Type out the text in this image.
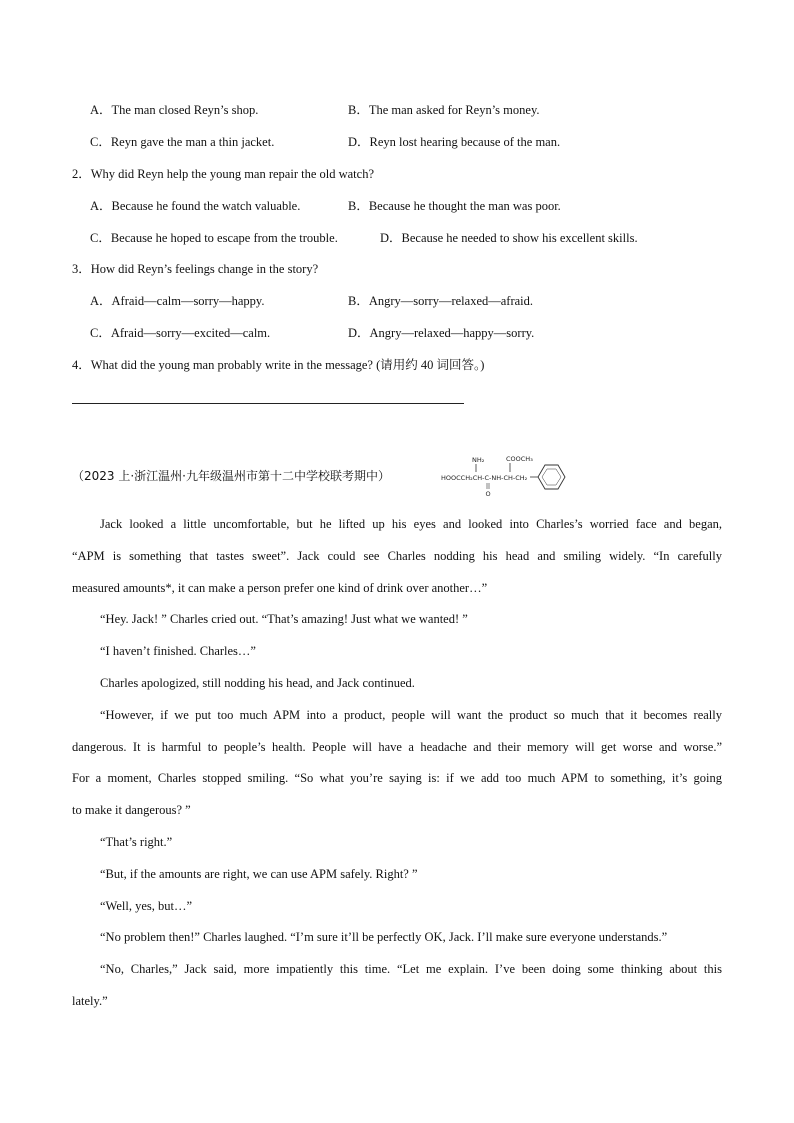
A．The man closed Reyn’s shop.	B．The man asked for Reyn’s money.
C．Reyn gave the man a thin jacket.	D．Reyn lost hearing because of the man.
2．Why did Reyn help the young man repair the old watch?
A．Because he found the watch valuable.	B．Because he thought the man was poor.
C．Because he hoped to escape from the trouble.	D．Because he needed to show his excellent skills.
3．How did Reyn’s feelings change in the story?
A．Afraid—calm—sorry—happy.	B．Angry—sorry—relaxed—afraid.
C．Afraid—sorry—excited—calm.	D．Angry—relaxed—happy—sorry.
4．What did the young man probably write in the message? (请用约 40 词回答。)
（2023 上·浙江温州·九年级温州市第十二中学校联考期中）
NH₂	COOCH₃
HOOCCH₂CH-C-NH-CH-CH₂
O
Jack looked a little uncomfortable, but he lifted up his eyes and looked into Charles’s worried face and began,
“APM is something that tastes sweet”. Jack could see Charles nodding his head and smiling widely. “In carefully
measured amounts*, it can make a person prefer one kind of drink over another…”
“Hey. Jack! ” Charles cried out. “That’s amazing! Just what we wanted! ”
“I haven’t finished. Charles…”
Charles apologized, still nodding his head, and Jack continued.
“However, if we put too much APM into a product, people will want the product so much that it becomes really
dangerous. It is harmful to people’s health. People will have a headache and their memory will get worse and worse.”
For a moment, Charles stopped smiling. “So what you’re saying is: if we add too much APM to something, it’s going
to make it dangerous? ”
“That’s right.”
“But, if the amounts are right, we can use APM safely. Right? ”
“Well, yes, but…”
“No problem then!” Charles laughed. “I’m sure it’ll be perfectly OK, Jack. I’ll make sure everyone understands.”
“No, Charles,” Jack said, more impatiently this time. “Let me explain. I’ve been doing some thinking about this
lately.”
